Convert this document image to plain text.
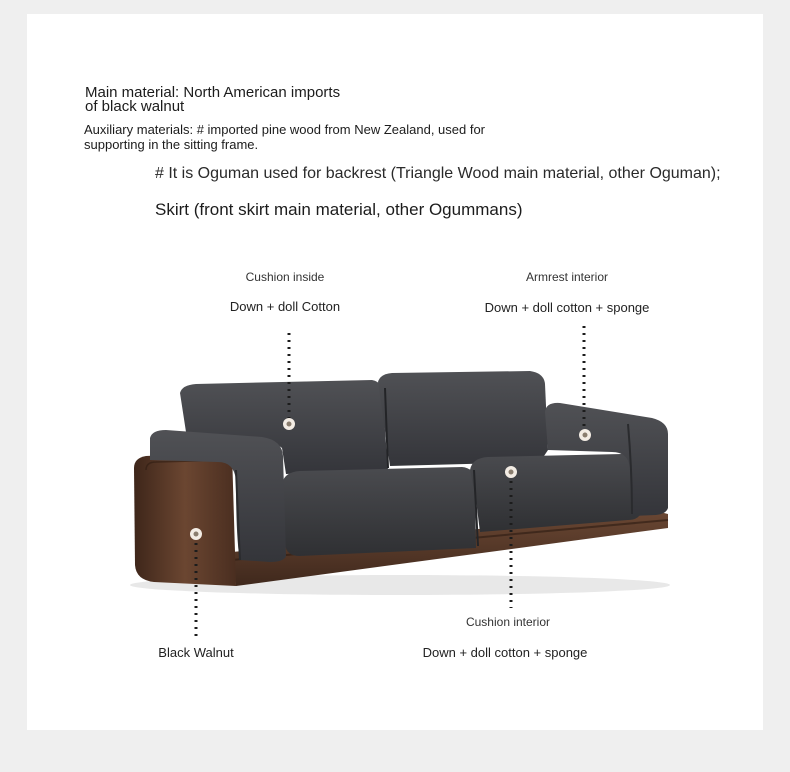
Main material: North American imports
of black walnut
Auxiliary materials: # imported pine wood from New Zealand, used for
supporting in the sitting frame.
# It is Oguman used for backrest (Triangle Wood main material, other Oguman);
Skirt (front skirt main material, other Ogummans)
Cushion inside
Down + doll Cotton
Armrest interior
Down + doll cotton + sponge
Cushion interior
Down + doll cotton + sponge
Black Walnut
